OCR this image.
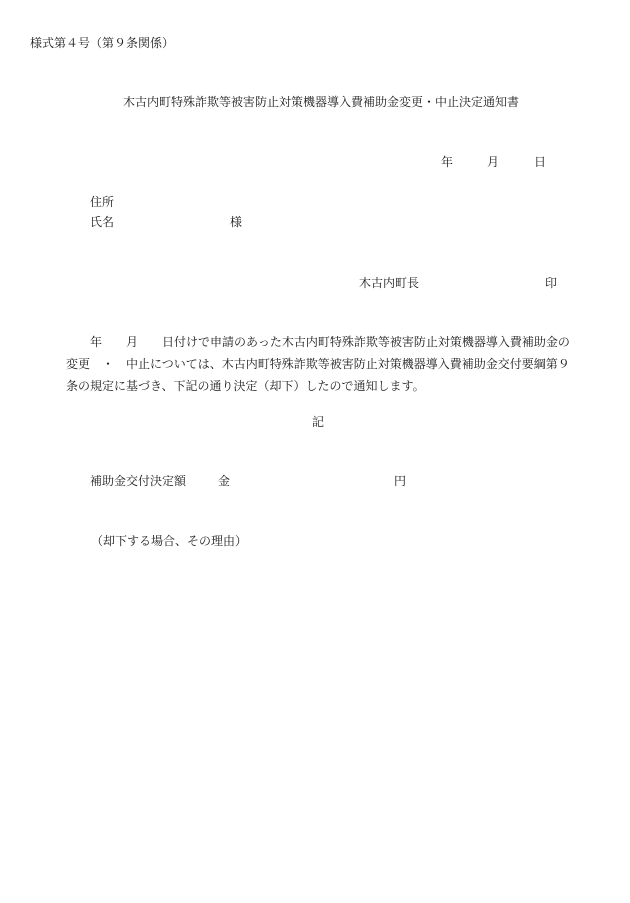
様式第４号（第９条関係）
木古内町特殊詐欺等被害防止対策機器導入費補助金変更・中止決定通知書
年	月	日
住所
氏名	様
木古内町長	印
　　年　　月　　日付けで申請のあった木古内町特殊詐欺等被害防止対策機器導入費補助金の
変更　・　中止については、木古内町特殊詐欺等被害防止対策機器導入費補助金交付要綱第９
条の規定に基づき、下記の通り決定（却下）したので通知します。
記
補助金交付決定額	金	円
（却下する場合、その理由）
